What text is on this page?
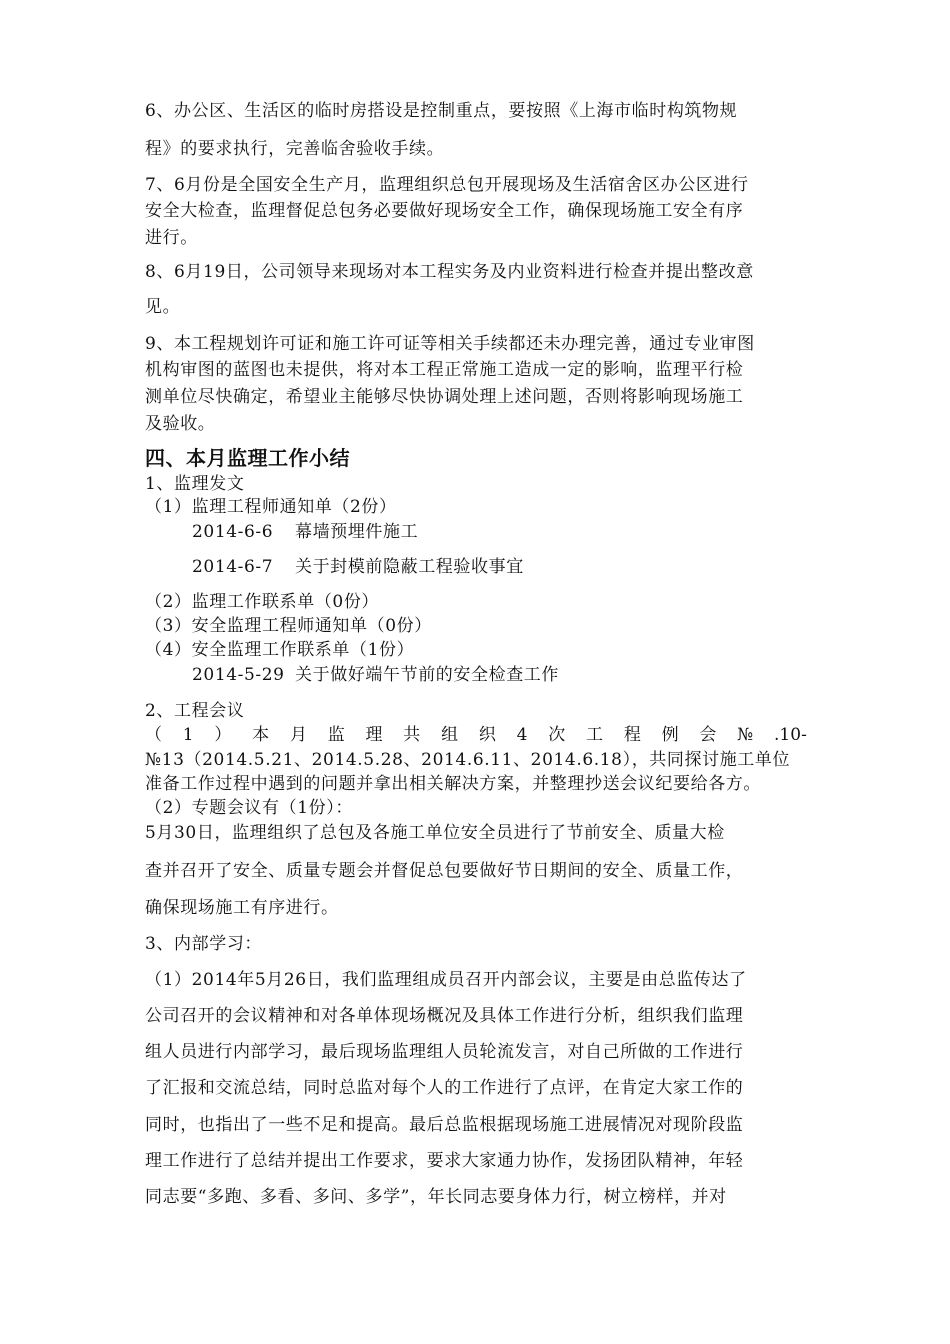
6、办公区、生活区的临时房搭设是控制重点，要按照《上海市临时构筑物规
程》的要求执行，完善临舍验收手续。
7、6月份是全国安全生产月，监理组织总包开展现场及生活宿舍区办公区进行
安全大检查，监理督促总包务必要做好现场安全工作，确保现场施工安全有序
进行。
8、6月19日，公司领导来现场对本工程实务及内业资料进行检查并提出整改意
见。
9、本工程规划许可证和施工许可证等相关手续都还未办理完善，通过专业审图
机构审图的蓝图也未提供，将对本工程正常施工造成一定的影响，监理平行检
测单位尽快确定，希望业主能够尽快协调处理上述问题，否则将影响现场施工
及验收。
四、本月监理工作小结
1、监理发文
（1）监理工程师通知单（2份）
2014-6-6 幕墙预埋件施工
2014-6-7 关于封模前隐蔽工程验收事宜
（2）监理工作联系单（0份）
（3）安全监理工程师通知单（0份）
（4）安全监理工作联系单（1份）
2014-5-29 关于做好端午节前的安全检查工作
2、工程会议
（ 1 ） 本 月 监 理 共 组 织 4 次 工 程 例 会 № .10-
№13（2014.5.21、2014.5.28、2014.6.11、2014.6.18），共同探讨施工单位
准备工作过程中遇到的问题并拿出相关解决方案，并整理抄送会议纪要给各方。
（2）专题会议有（1份）：
5月30日，监理组织了总包及各施工单位安全员进行了节前安全、质量大检
查并召开了安全、质量专题会并督促总包要做好节日期间的安全、质量工作，
确保现场施工有序进行。
3、内部学习：
（1）2014年5月26日，我们监理组成员召开内部会议，主要是由总监传达了
公司召开的会议精神和对各单体现场概况及具体工作进行分析，组织我们监理
组人员进行内部学习，最后现场监理组人员轮流发言，对自己所做的工作进行
了汇报和交流总结，同时总监对每个人的工作进行了点评，在肯定大家工作的
同时，也指出了一些不足和提高。最后总监根据现场施工进展情况对现阶段监
理工作进行了总结并提出工作要求，要求大家通力协作，发扬团队精神，年轻
同志要“多跑、多看、多问、多学”，年长同志要身体力行，树立榜样，并对
